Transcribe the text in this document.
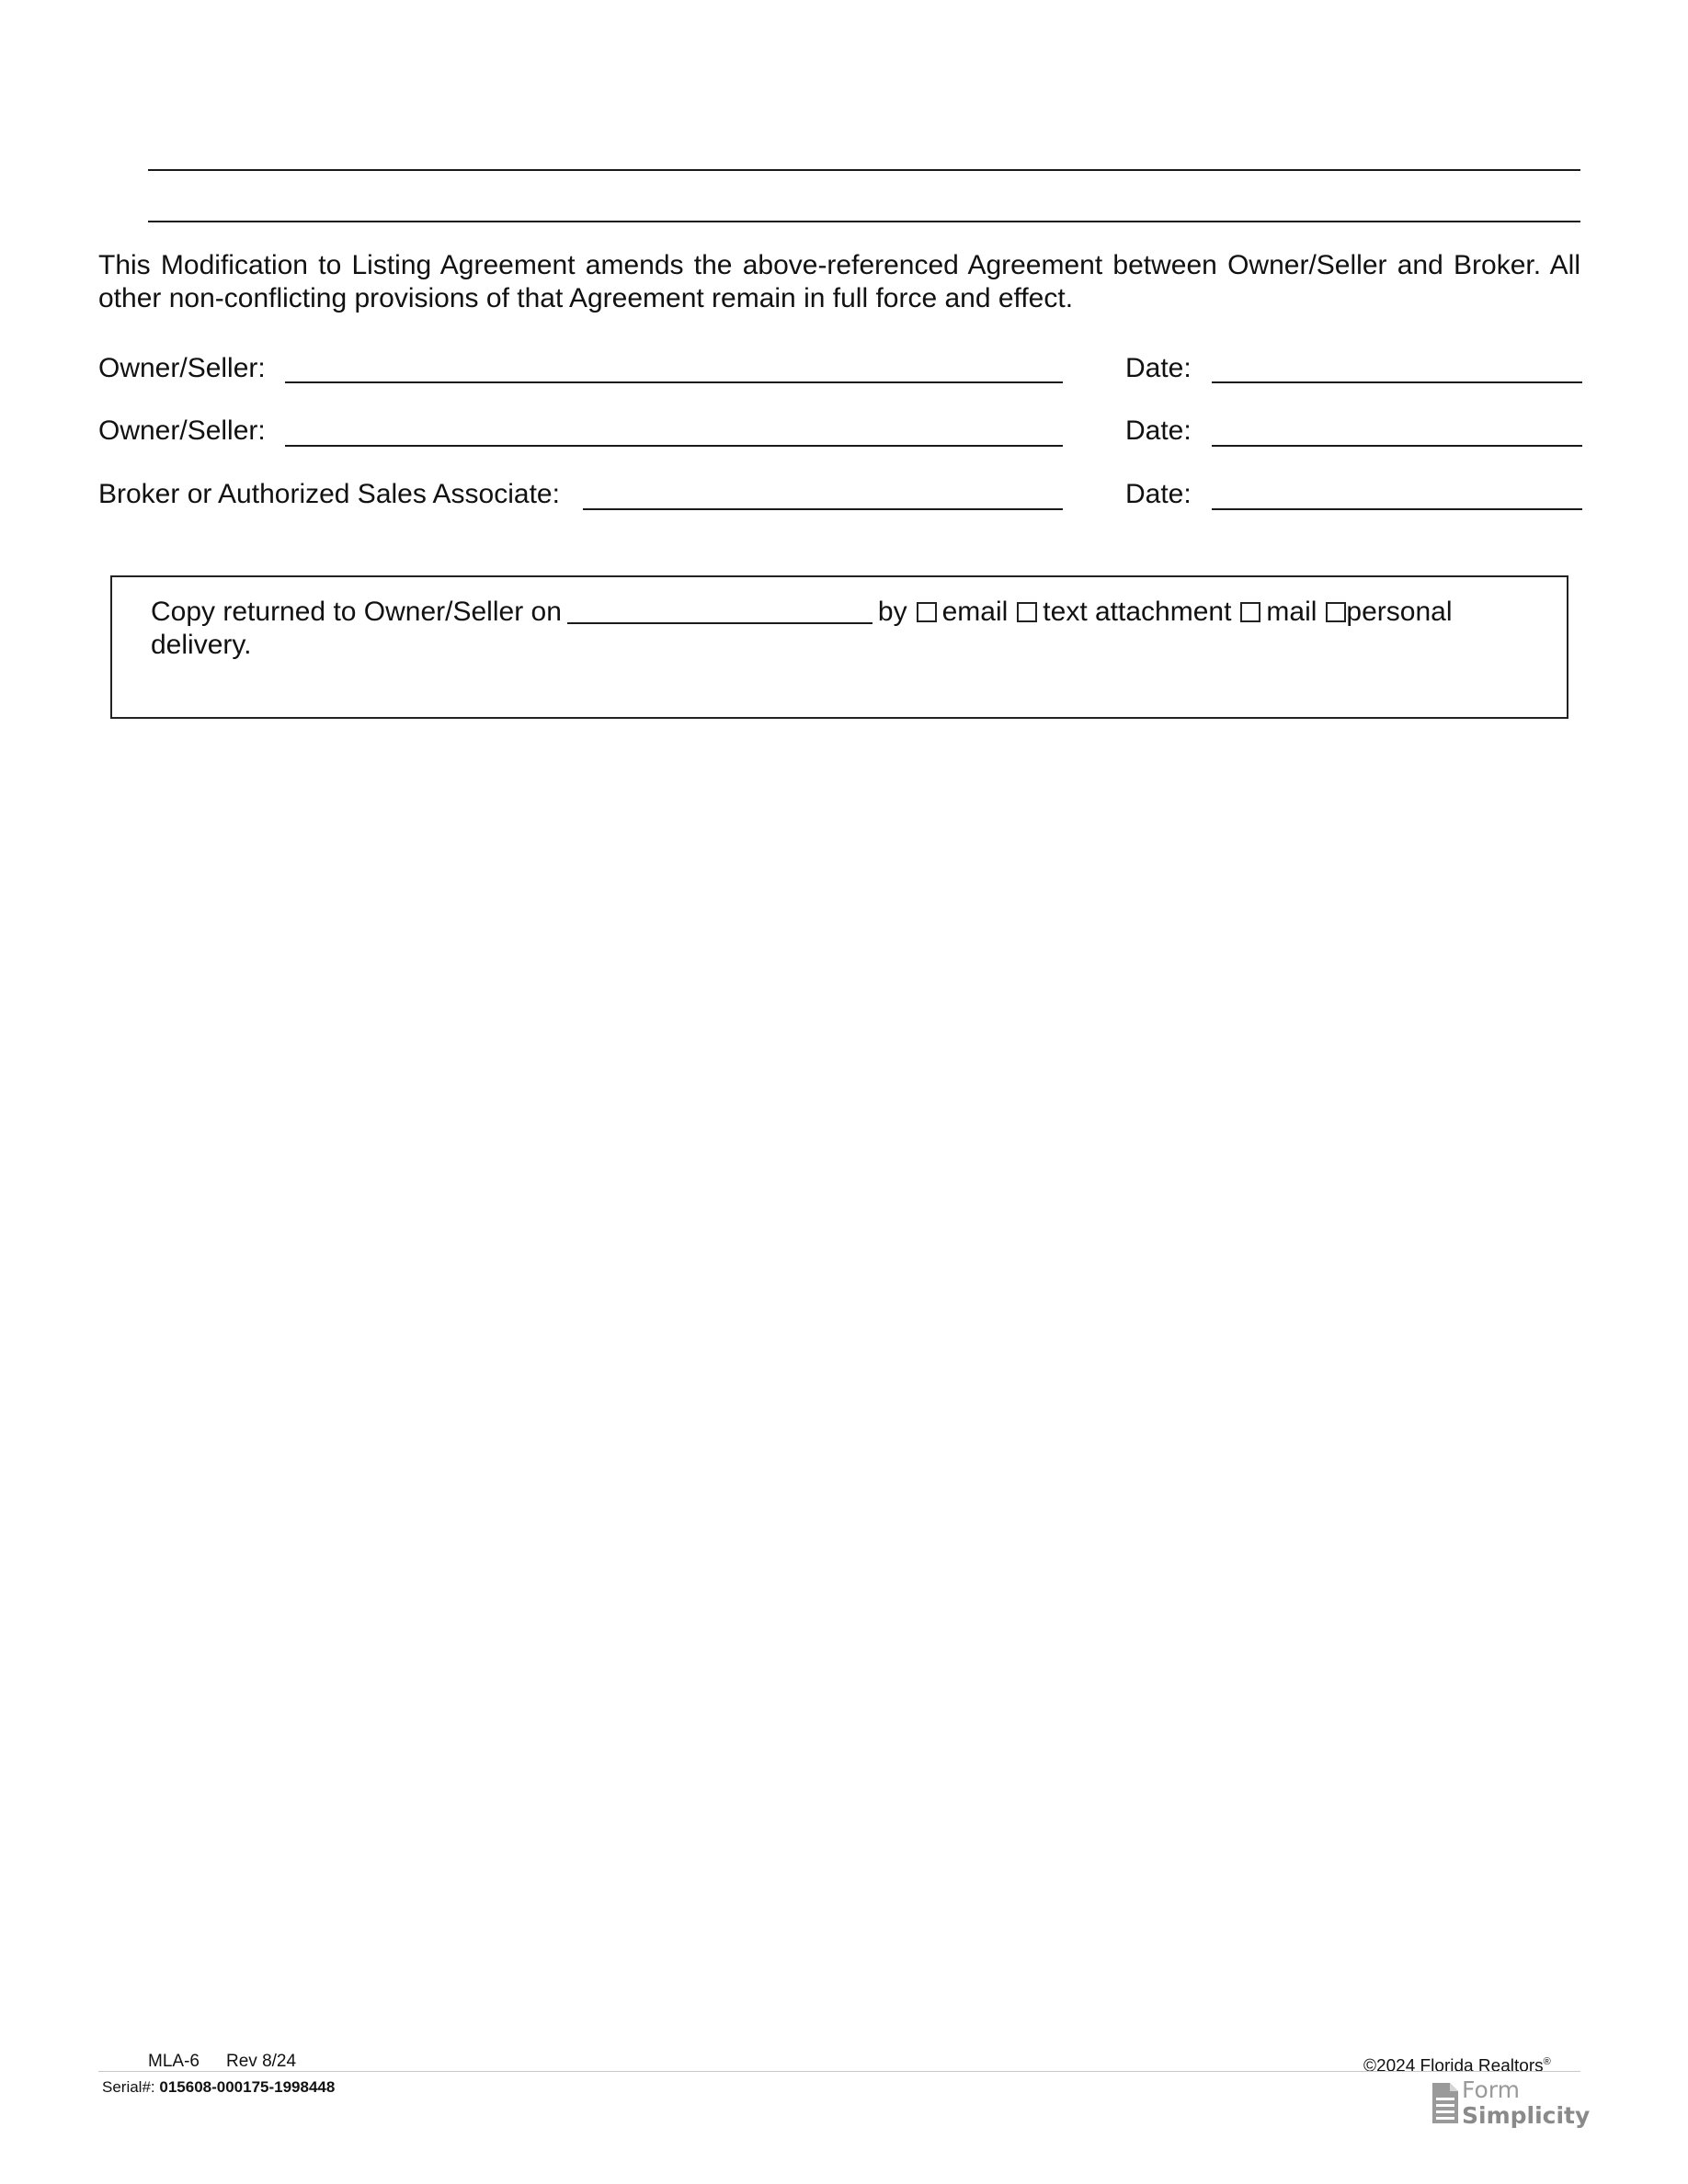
This Modification to Listing Agreement amends the above-referenced Agreement between Owner/Seller and Broker. All other non-conflicting provisions of that Agreement remain in full force and effect.
Owner/Seller:	Date:
Owner/Seller:	Date:
Broker or Authorized Sales Associate:	Date:
Copy returned to Owner/Seller on	by email text attachment mail personal
delivery.
MLA-6 Rev 8/24	©2024 Florida Realtors®
Serial#: 015608-000175-1998448	Form
Simplicity
